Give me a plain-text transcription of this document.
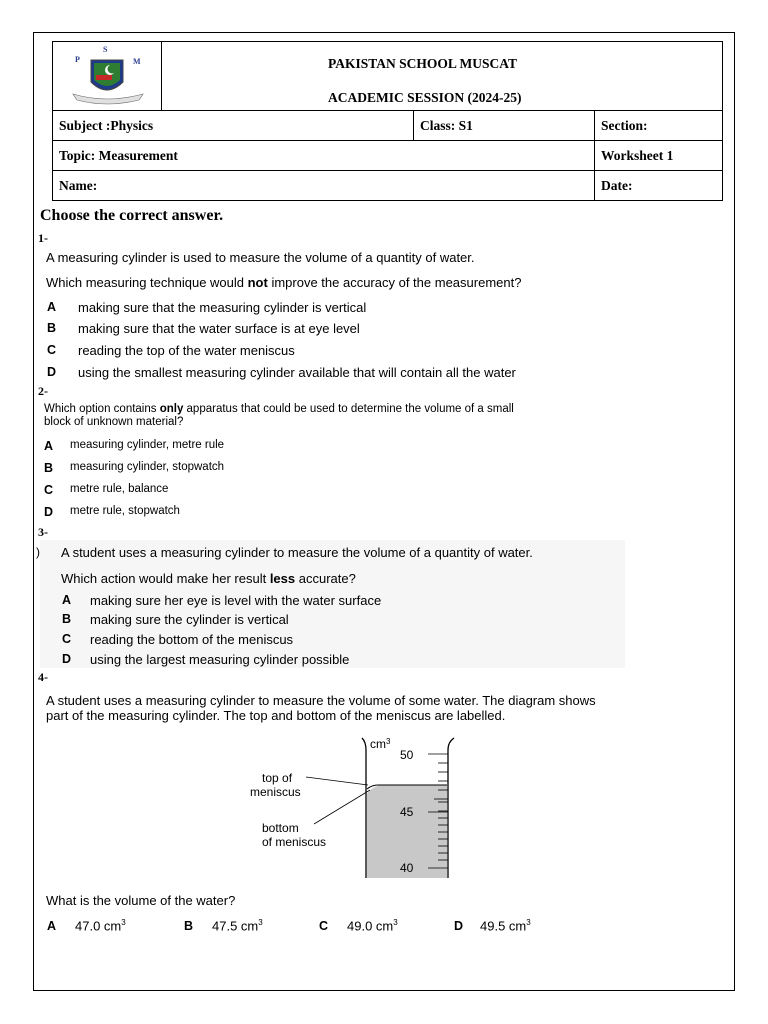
S
M
P	PAKISTAN SCHOOL MUSCAT
ACADEMIC SESSION (2024-25)		

Subject :Physics		Class: S1	Section:
Topic: Measurement			Worksheet 1
Name:			Date:
Choose the correct answer.
1-
A measuring cylinder is used to measure the volume of a quantity of water.
Which measuring technique would not improve the accuracy of the measurement?
A making sure that the measuring cylinder is vertical
B making sure that the water surface is at eye level
C reading the top of the water meniscus
D using the smallest measuring cylinder available that will contain all the water
2-
Which option contains only apparatus that could be used to determine the volume of a small
block of unknown material?
A measuring cylinder, metre rule
B measuring cylinder, stopwatch
C metre rule, balance
D metre rule, stopwatch
3-
) A student uses a measuring cylinder to measure the volume of a quantity of water.
Which action would make her result less accurate?
A making sure her eye is level with the water surface
B making sure the cylinder is vertical
C reading the bottom of the meniscus
D using the largest measuring cylinder possible
4-
A student uses a measuring cylinder to measure the volume of some water. The diagram shows
part of the measuring cylinder. The top and bottom of the meniscus are labelled.
$cm^3$
50
45
40
top of
meniscus
bottom
of meniscus
What is the volume of the water?
A 47.0 $cm^3$	B 47.5 $cm^3$	C 49.0 $cm^3$	D 49.5 $cm^3$
